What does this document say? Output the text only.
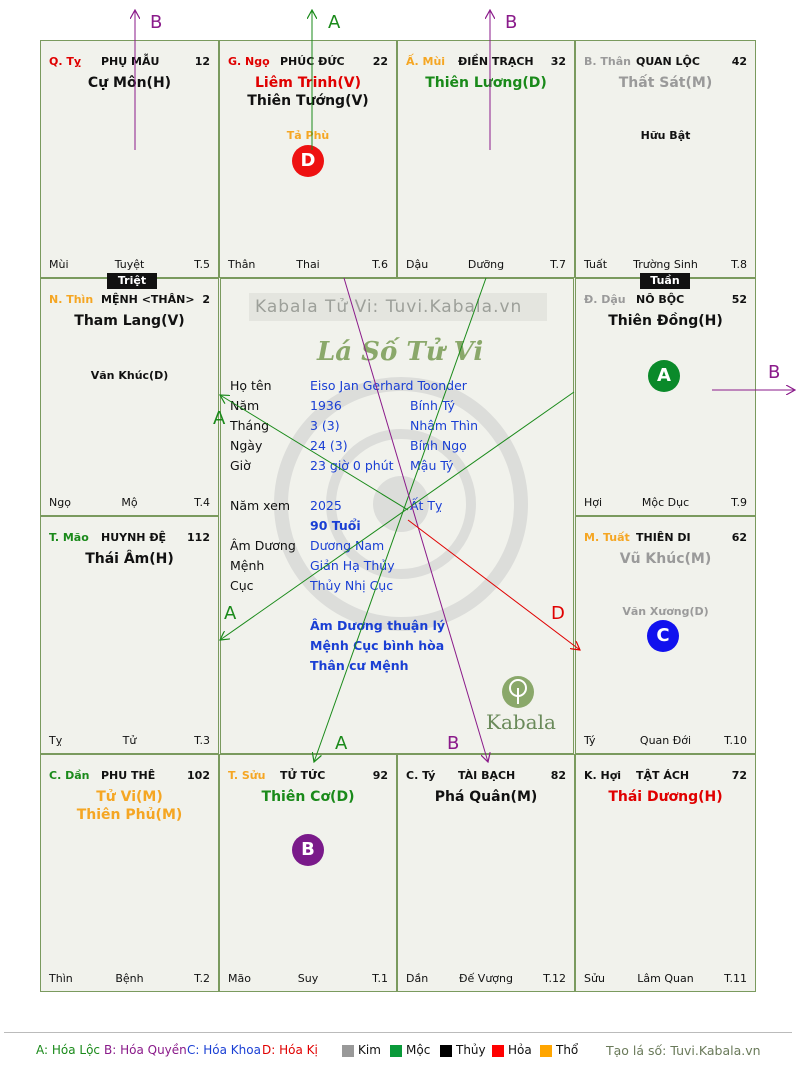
K. Hợi TẬT ÁCH	72
Thái Dương(H)
Sửu	Lâm Quan	T.11
C. Tý TÀI BẠCH	82
Phá Quân(M)
Dần	Đế Vượng	T.12
T. Sửu TỬ TỨC	92
Thiên Cơ(D)
Mão	Suy	T.1
C. Dần PHU THÊ	102
Tử Vi(M)
Thiên Phủ(M)
Thìn	Bệnh	T.2
M. Tuất THIÊN DI	62
Vũ Khúc(M)
Văn Xương(D)
Tý	Quan Đới	T.10
T. Mão HUYNH ĐỆ 112
Thái Âm(H)
Tỵ	Tử	T.3
Đ. Dậu NÔ BỘC	52
Thiên Đồng(H)
Hợi	Mộc Dục	T.9
N. Thìn MỆNH <THÂN> 2
Tham Lang(V)
Văn Khúc(D)
Ngọ	Mộ	T.4
B. Thân QUAN LỘC	42
Thất Sát(M)
Hữu Bật
Tuất	Trường Sinh	T.8
Ấ. Mùi ĐIỀN TRẠCH 32
Thiên Lương(D)
Dậu	Dưỡng	T.7
G. Ngọ PHÚC ĐỨC	22
Liêm Trinh(V)
Thiên Tướng(V)
Tả Phù
Thân	Thai	T.6
Q. Tỵ PHỤ MẪU	12
Cự Môn(H)
Mùi	Tuyệt	T.5
Kabala Tử Vi: Tuvi.Kabala.vn
Lá Số Tử Vi
Họ tên	Eiso Jan Gerhard Toonder
Năm	1936	Bính Tý
Tháng	3 (3)	Nhâm Thìn
Ngày	24 (3)	Bính Ngọ
Giờ	23 giờ 0 phút Mậu Tý
Năm xem 2025	Ất Tỵ
90 Tuổi
Âm Dương Dương Nam
Mệnh	Giản Hạ Thủy
Cục	Thủy Nhị Cục
Âm Dương thuận lý
Mệnh Cục bình hòa
Thân cư Mệnh
Kabala
Triệt	Tuần
D
A
C
B
B	A	B
A
A
A	B
D
B
A: Hóa Lộc B: Hóa Quyền C: Hóa Khoa D: Hóa Kị	Kim Mộc Thủy Hỏa Thổ Tạo lá số: Tuvi.Kabala.vn
